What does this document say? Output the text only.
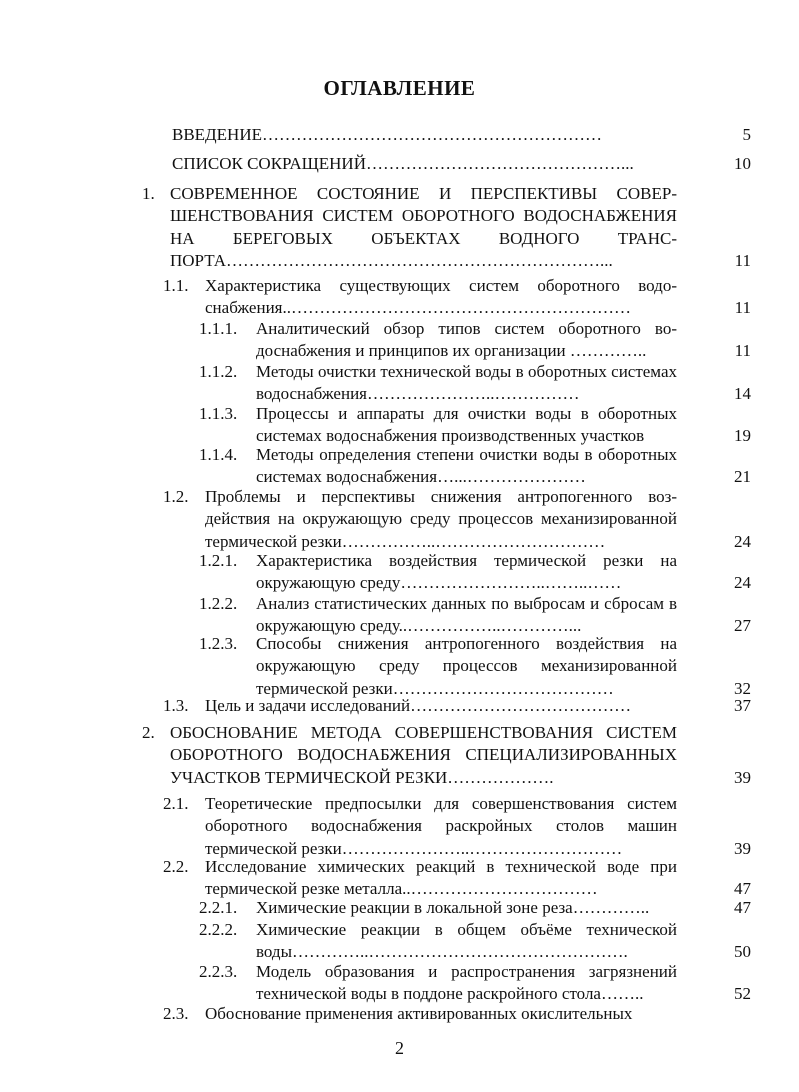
ОГЛАВЛЕНИЕ
ВВЕДЕНИЕ……………………………………………………	5
СПИСОК СОКРАЩЕНИЙ………………………………………...	10
1. СОВРЕМЕННОЕ СОСТОЯНИЕ И ПЕРСПЕКТИВЫ СОВЕРШЕНСТВОВАНИЯ СИСТЕМ ОБОРОТНОГО ВОДОСНАБЖЕНИЯ НА БЕРЕГОВЫХ ОБЪЕКТАХ ВОДНОГО ТРАНСПОРТА…………………………………………………………...	11
1.1. Характеристика существующих систем оборотного водоснабжения..……………………………………………………	11
1.1.1.	Аналитический обзор типов систем оборотного водоснабжения и принципов их организации …………..	11
1.1.2.	Методы очистки технической воды в оборотных системах водоснабжения…………………..……………	14
1.1.3.	Процессы и аппараты для очистки воды в оборотных системах водоснабжения производственных участков	19
1.1.4.	Методы определения степени очистки воды в оборотных системах водоснабжения…...…………………	21
1.2. Проблемы и перспективы снижения антропогенного воздействия на окружающую среду процессов механизированной термической резки……………..…………………………	24
1.2.1.	Характеристика воздействия термической резки на окружающую среду……………………..……..……	24
1.2.2.	Анализ статистических данных по выбросам и сбросам в окружающую среду..……………..…………...	27
1.2.3.	Способы снижения антропогенного воздействия на окружающую среду процессов механизированной термической резки…………………………………	32
1.3. Цель и задачи исследований…………………………………	37
2. ОБОСНОВАНИЕ МЕТОДА СОВЕРШЕНСТВОВАНИЯ СИСТЕМ ОБОРОТНОГО ВОДОСНАБЖЕНИЯ СПЕЦИАЛИЗИРОВАННЫХ УЧАСТКОВ ТЕРМИЧЕСКОЙ РЕЗКИ……………….	39
2.1. Теоретические предпосылки для совершенствования систем оборотного водоснабжения раскройных столов машин термической резки…………………..………………………	39
2.2. Исследование химических реакций в технической воде при термической резке металла..……………………………	47
2.2.1.	Химические реакции в локальной зоне реза…………..	47
2.2.2.	Химические реакции в общем объёме технической воды…………..……………………………………….	50
2.2.3.	Модель образования и распространения загрязнений технической воды в поддоне раскройного стола……..	52
2.3. Обоснование применения активированных окислительных
2
